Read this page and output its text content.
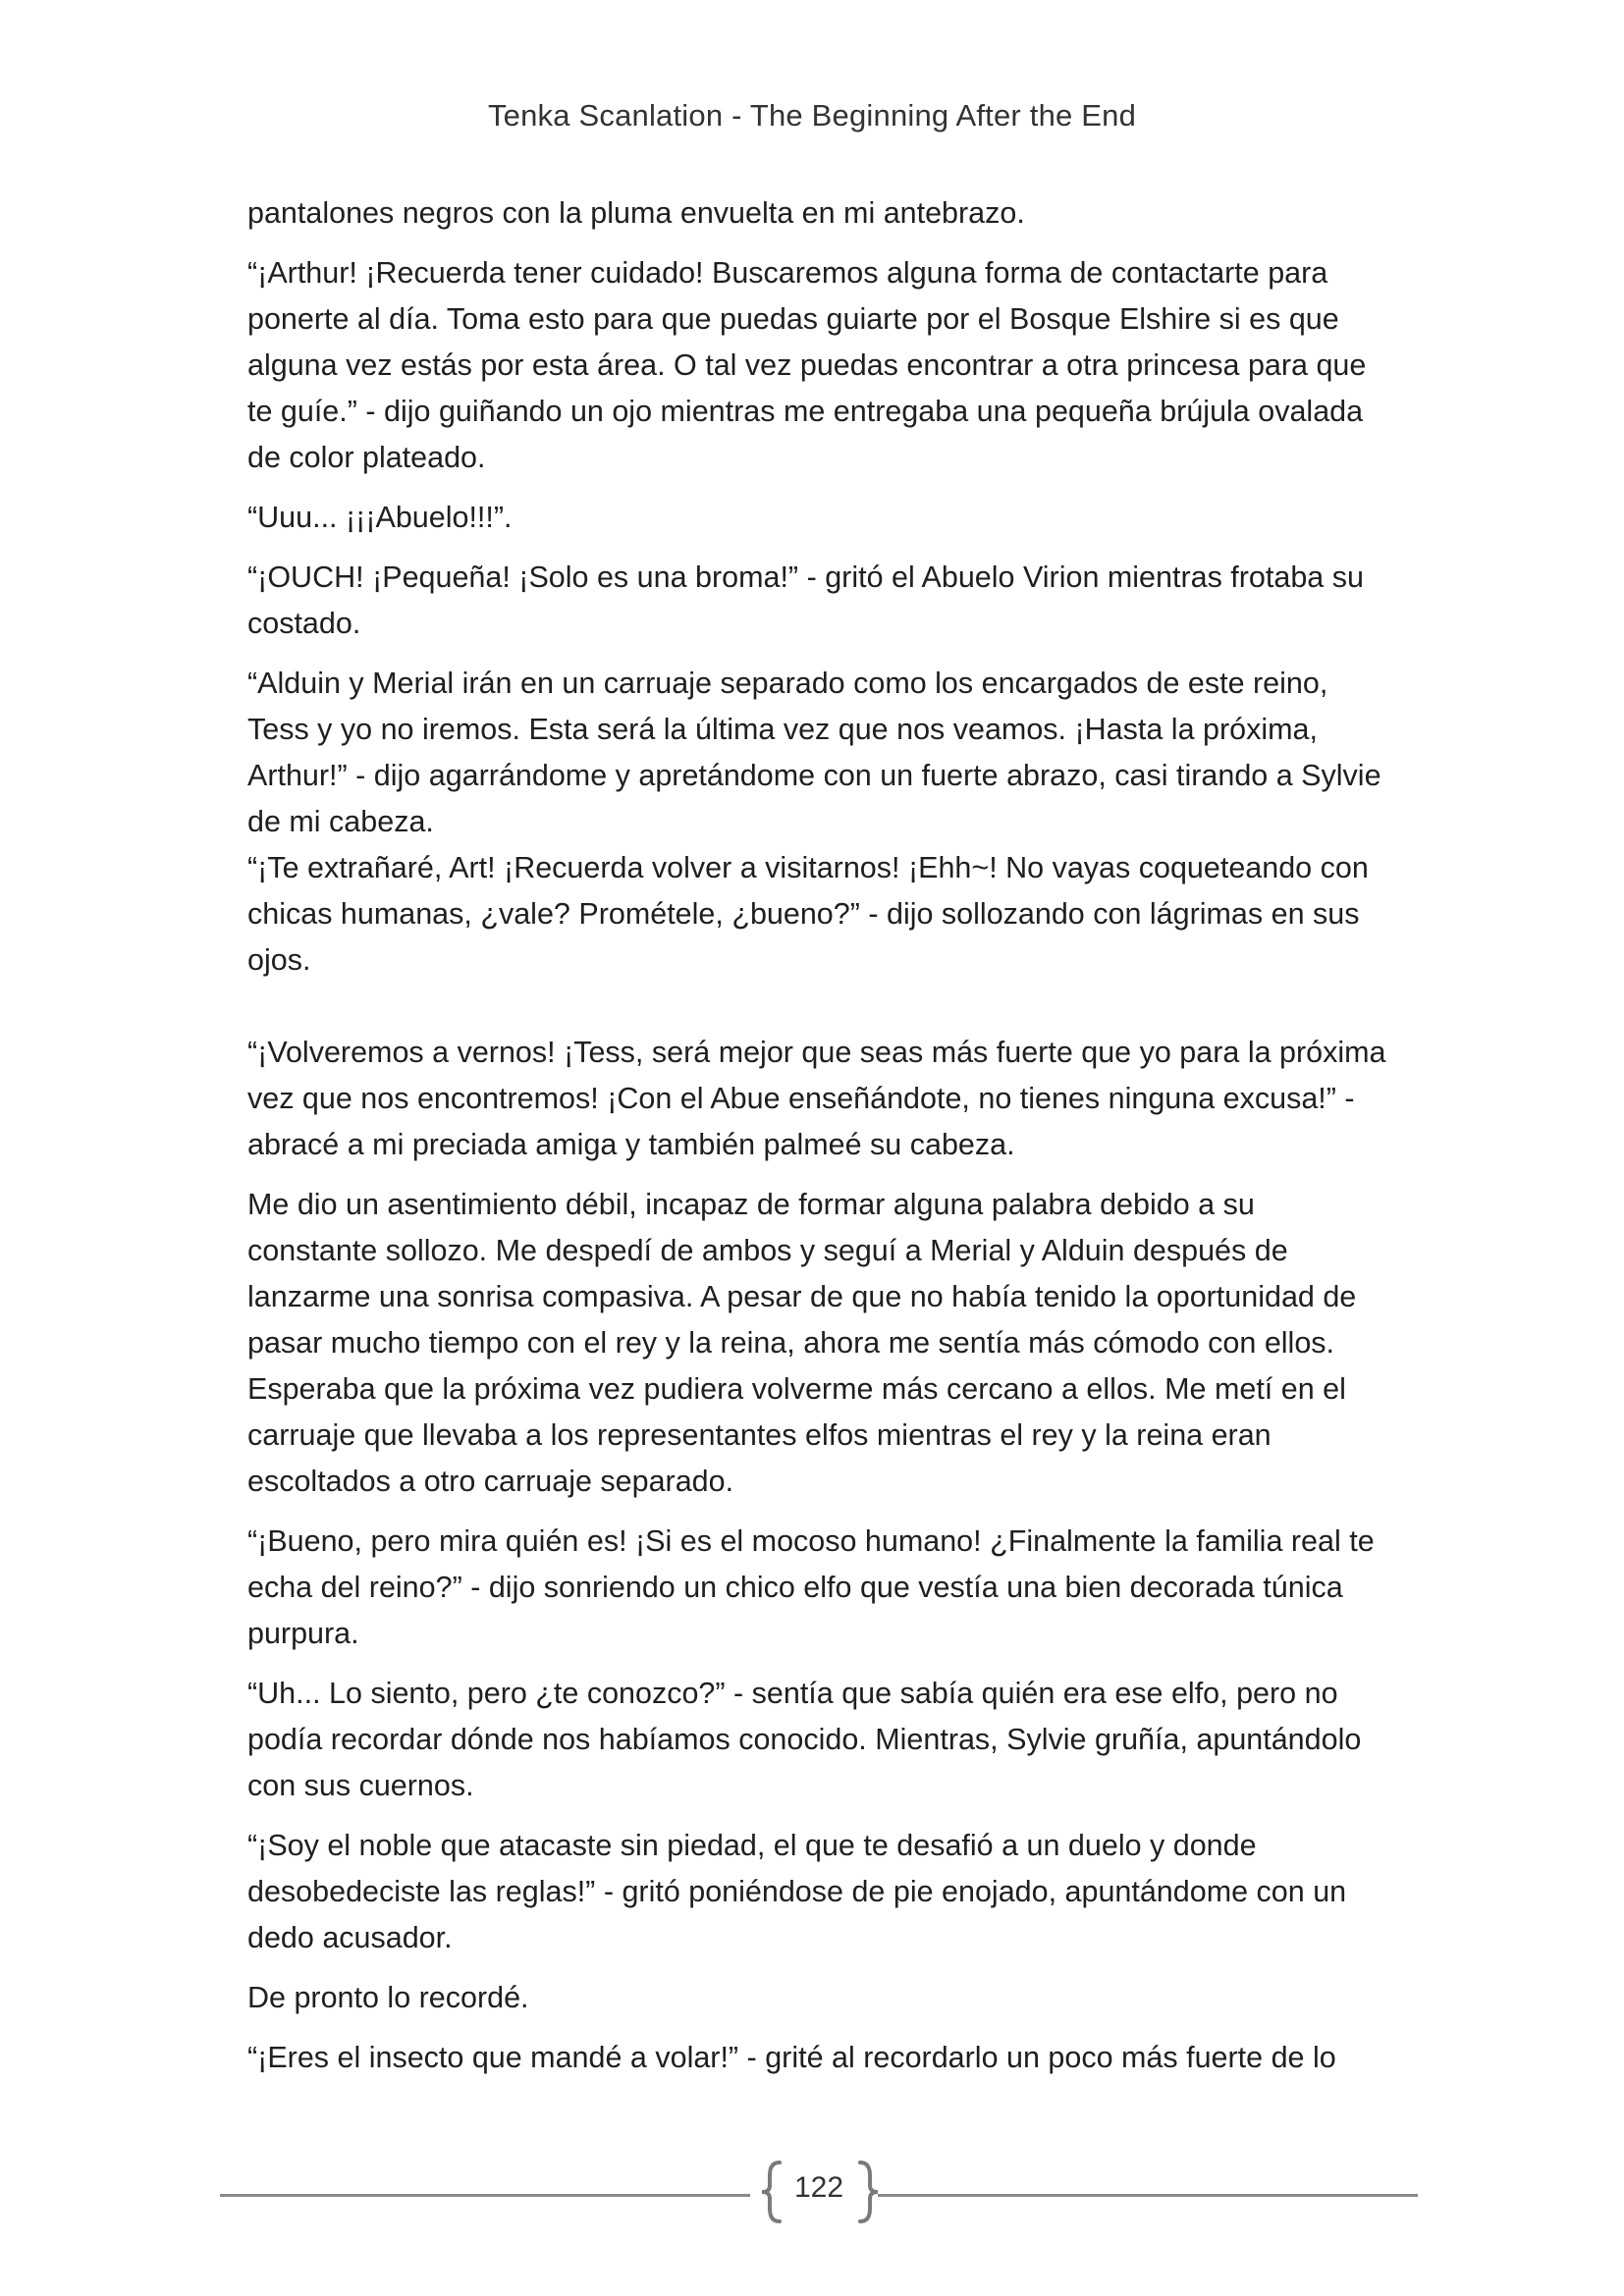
Tenka Scanlation - The Beginning After the End

pantalones negros con la pluma envuelta en mi antebrazo.

“¡Arthur! ¡Recuerda tener cuidado! Buscaremos alguna forma de contactarte para ponerte al día. Toma esto para que puedas guiarte por el Bosque Elshire si es que alguna vez estás por esta área. O tal vez puedas encontrar a otra princesa para que te guíe.” - dijo guiñando un ojo mientras me entregaba una pequeña brújula ovalada de color plateado.

“Uuu... ¡¡¡Abuelo!!!”.

“¡OUCH! ¡Pequeña! ¡Solo es una broma!” - gritó el Abuelo Virion mientras frotaba su costado.

“Alduin y Merial irán en un carruaje separado como los encargados de este reino, Tess y yo no iremos. Esta será la última vez que nos veamos. ¡Hasta la próxima, Arthur!” - dijo agarrándome y apretándome con un fuerte abrazo, casi tirando a Sylvie de mi cabeza.

“¡Te extrañaré, Art! ¡Recuerda volver a visitarnos! ¡Ehh~! No vayas coqueteando con chicas humanas, ¿vale? Prométele, ¿bueno?” - dijo sollozando con lágrimas en sus ojos.

“¡Volveremos a vernos! ¡Tess, será mejor que seas más fuerte que yo para la próxima vez que nos encontremos! ¡Con el Abue enseñándote, no tienes ninguna excusa!” - abracé a mi preciada amiga y también palmeé su cabeza.

Me dio un asentimiento débil, incapaz de formar alguna palabra debido a su constante sollozo. Me despedí de ambos y seguí a Merial y Alduin después de lanzarme una sonrisa compasiva. A pesar de que no había tenido la oportunidad de pasar mucho tiempo con el rey y la reina, ahora me sentía más cómodo con ellos. Esperaba que la próxima vez pudiera volverme más cercano a ellos. Me metí en el carruaje que llevaba a los representantes elfos mientras el rey y la reina eran escoltados a otro carruaje separado.

“¡Bueno, pero mira quién es! ¡Si es el mocoso humano! ¿Finalmente la familia real te echa del reino?” - dijo sonriendo un chico elfo que vestía una bien decorada túnica purpura.

“Uh... Lo siento, pero ¿te conozco?” - sentía que sabía quién era ese elfo, pero no podía recordar dónde nos habíamos conocido. Mientras, Sylvie gruñía, apuntándolo con sus cuernos.

“¡Soy el noble que atacaste sin piedad, el que te desafió a un duelo y donde desobedeciste las reglas!” - gritó poniéndose de pie enojado, apuntándome con un dedo acusador.

De pronto lo recordé.

“¡Eres el insecto que mandé a volar!” - grité al recordarlo un poco más fuerte de lo

122
